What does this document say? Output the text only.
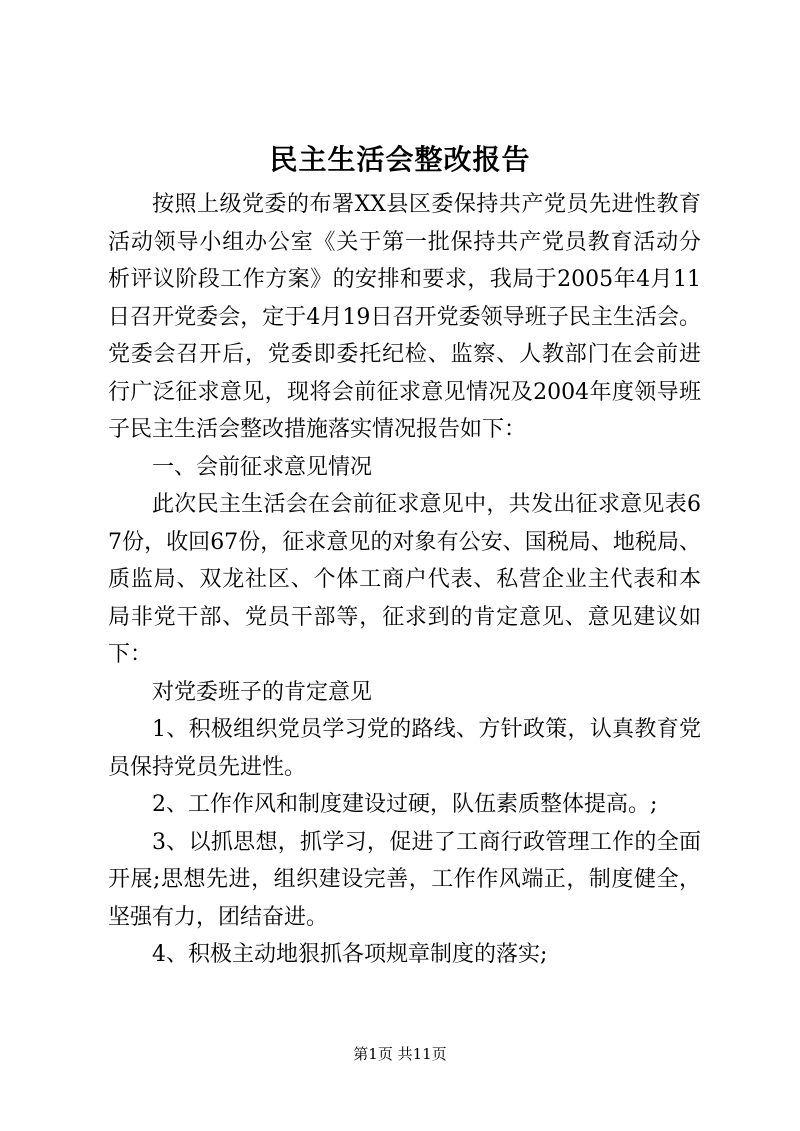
民主生活会整改报告

按照上级党委的布署XX县区委保持共产党员先进性教育活动领导小组办公室《关于第一批保持共产党员教育活动分析评议阶段工作方案》的安排和要求，我局于2005年4月11日召开党委会，定于4月19日召开党委领导班子民主生活会。党委会召开后，党委即委托纪检、监察、人教部门在会前进行广泛征求意见，现将会前征求意见情况及2004年度领导班子民主生活会整改措施落实情况报告如下：

一、会前征求意见情况

此次民主生活会在会前征求意见中，共发出征求意见表67份，收回67份，征求意见的对象有公安、国税局、地税局、质监局、双龙社区、个体工商户代表、私营企业主代表和本局非党干部、党员干部等，征求到的肯定意见、意见建议如下：

对党委班子的肯定意见

1、积极组织党员学习党的路线、方针政策，认真教育党员保持党员先进性。

2、工作作风和制度建设过硬，队伍素质整体提高。;

3、以抓思想，抓学习，促进了工商行政管理工作的全面开展;思想先进，组织建设完善，工作作风端正，制度健全，坚强有力，团结奋进。

4、积极主动地狠抓各项规章制度的落实;

第1页 共11页
